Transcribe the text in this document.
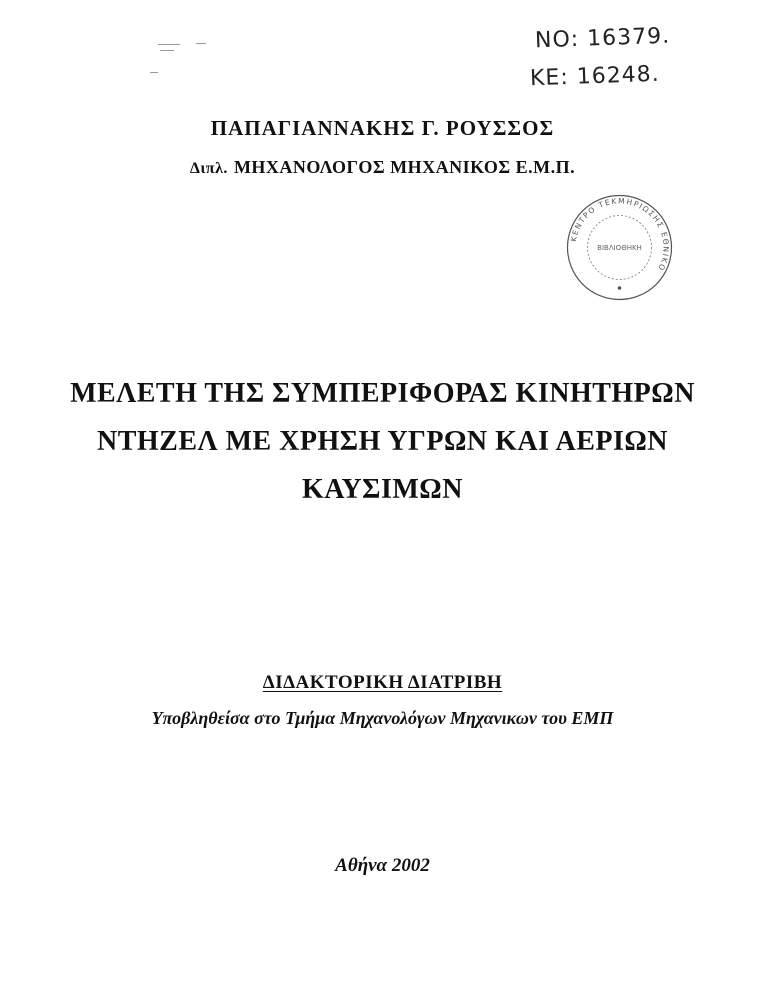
ΝΟ: 16379.
ΚΕ: 16248.
ΠΑΠΑΓΙΑΝΝΑΚΗΣ Γ. ΡΟΥΣΣΟΣ
Διπλ. ΜΗΧΑΝΟΛΟΓΟΣ ΜΗΧΑΝΙΚΟΣ Ε.Μ.Π.
ΚΕΝΤΡΟ ΤΕΚΜΗΡΙΩΣΗΣ ΕΘΝΙΚΟ
ΒΙΒΛΙΟΘΗΚΗ
ΜΕΛΕΤΗ ΤΗΣ ΣΥΜΠΕΡΙΦΟΡΑΣ ΚΙΝΗΤΗΡΩΝ
ΝΤΗΖΕΛ ΜΕ ΧΡΗΣΗ ΥΓΡΩΝ ΚΑΙ ΑΕΡΙΩΝ
ΚΑΥΣΙΜΩΝ
ΔΙΔΑΚΤΟΡΙΚΗ ΔΙΑΤΡΙΒΗ
Υποβληθείσα στο Τμήμα Μηχανολόγων Μηχανικων του ΕΜΠ
Αθήνα 2002
